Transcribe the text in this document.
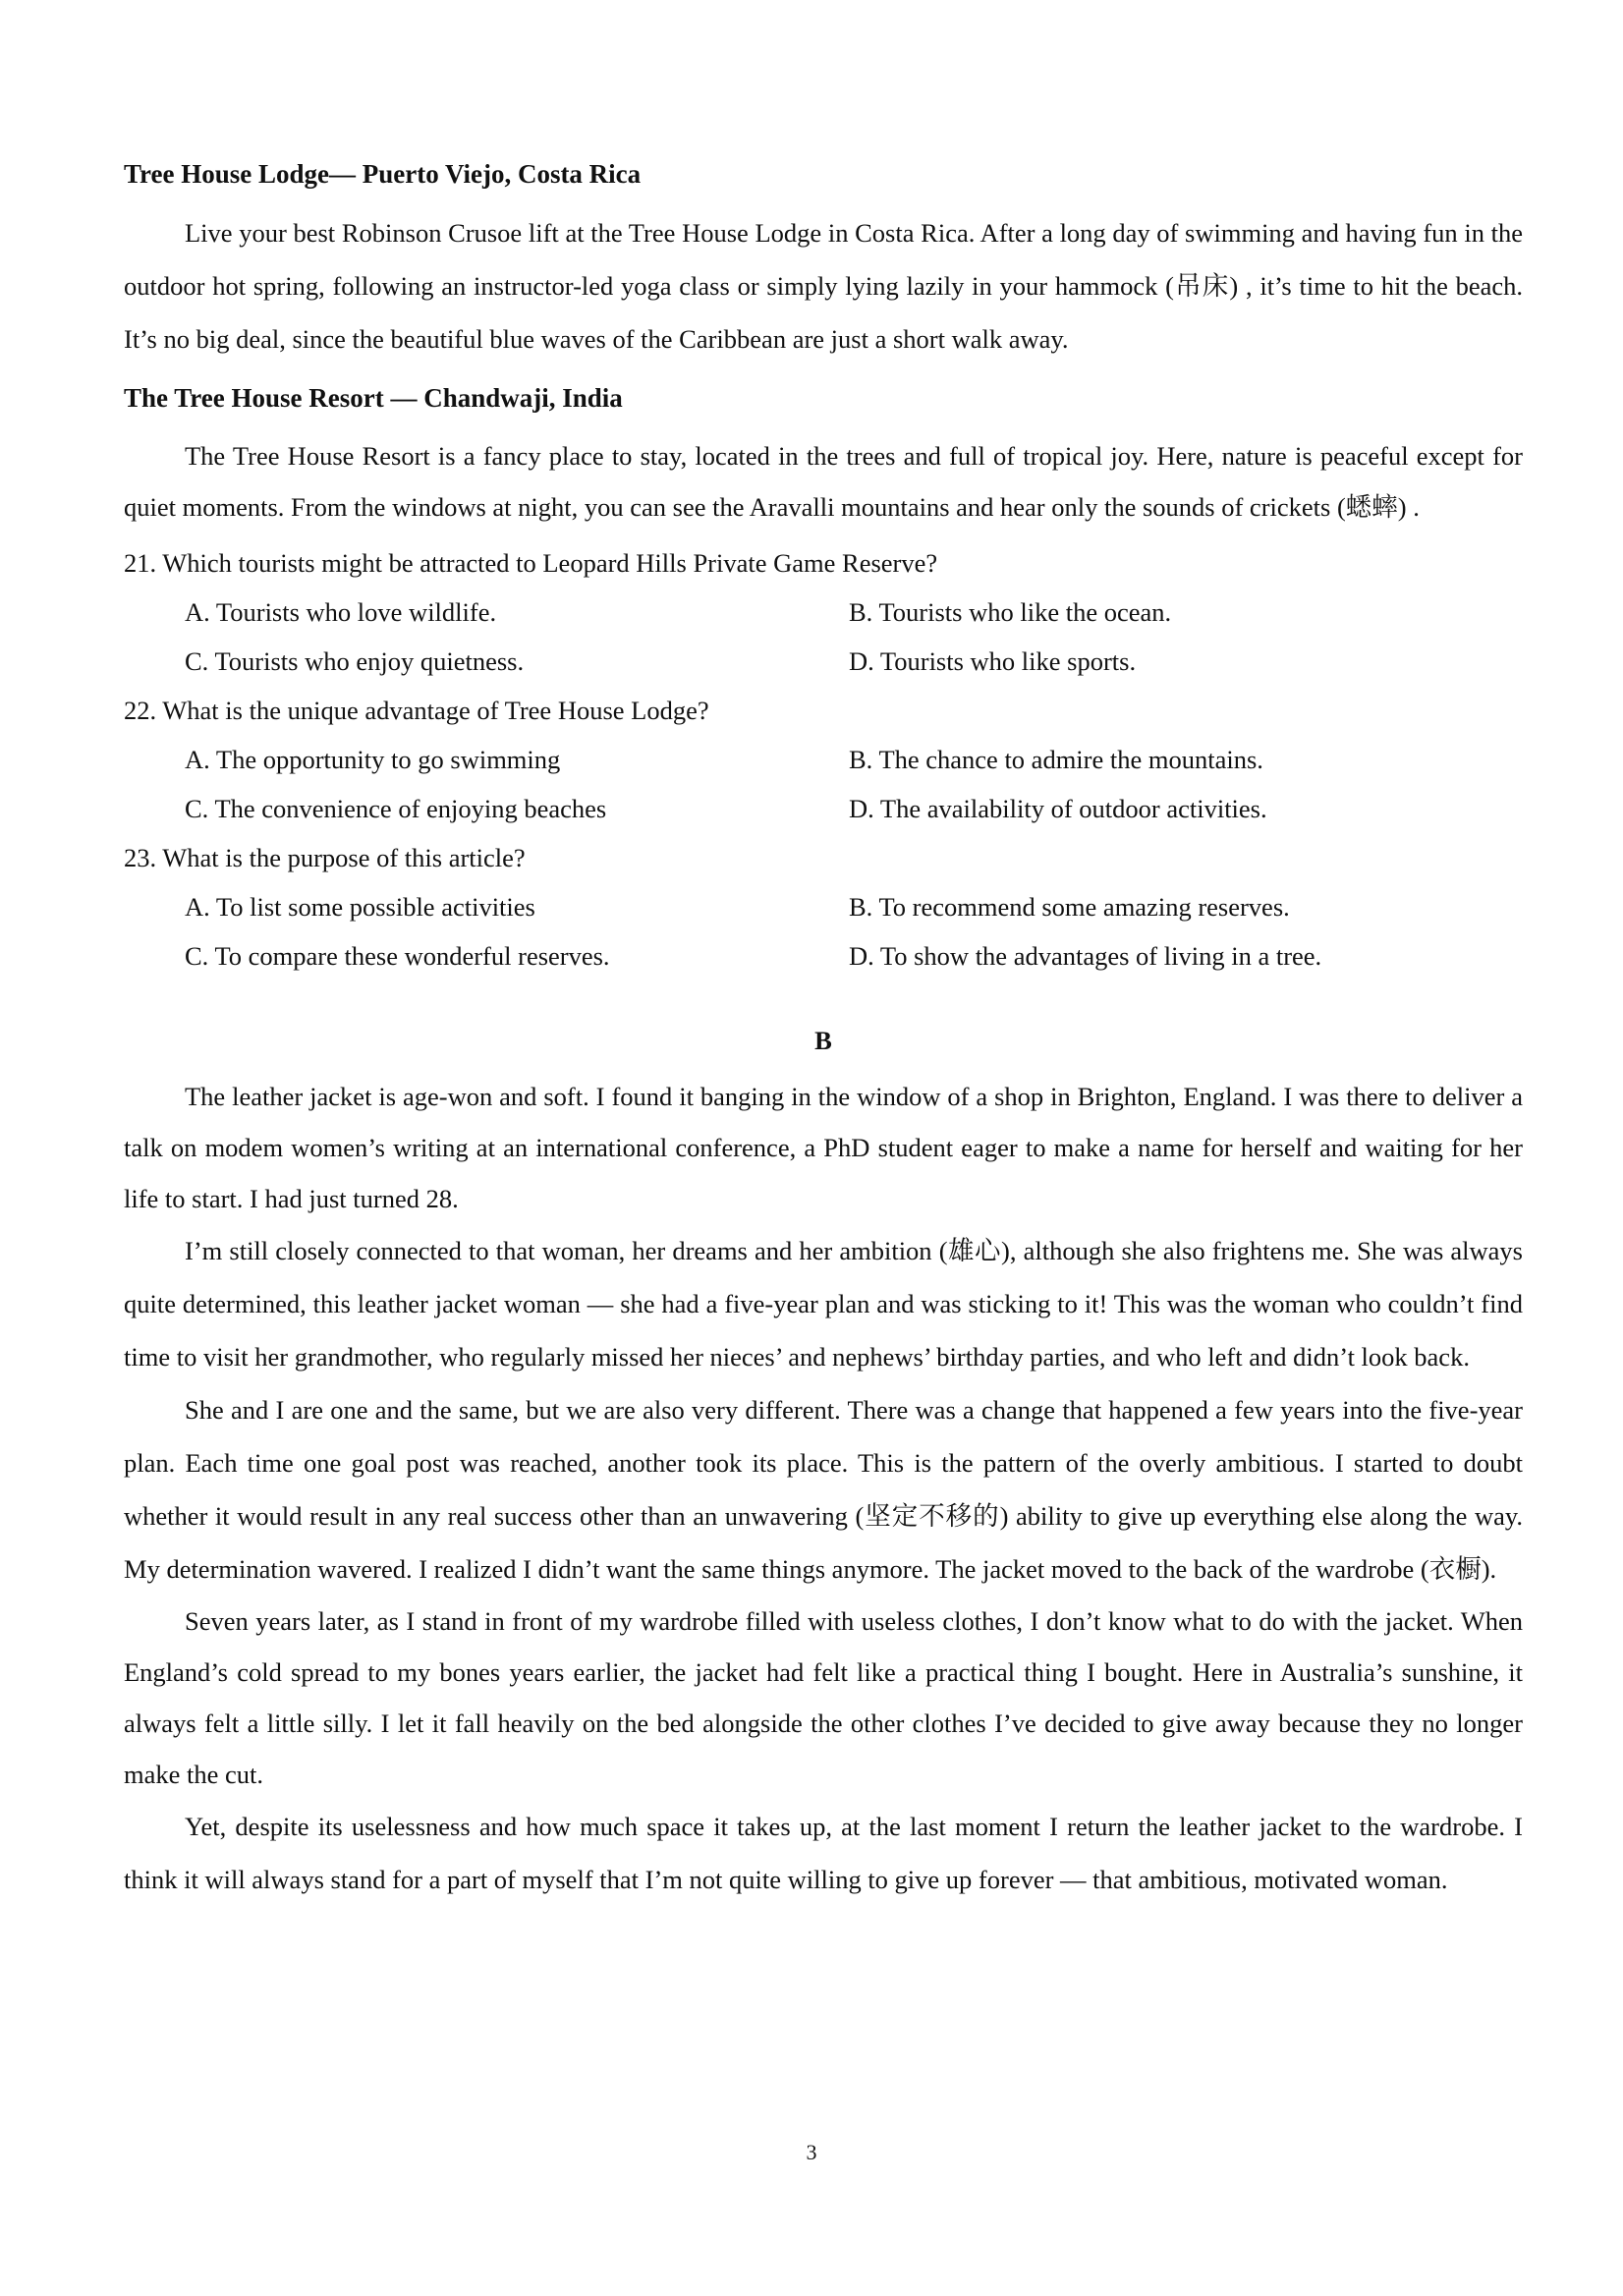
Tree House Lodge— Puerto Viejo, Costa Rica

Live your best Robinson Crusoe lift at the Tree House Lodge in Costa Rica. After a long day of swimming and having fun in the outdoor hot spring, following an instructor-led yoga class or simply lying lazily in your hammock (吊床) , it’s time to hit the beach. It’s no big deal, since the beautiful blue waves of the Caribbean are just a short walk away.

The Tree House Resort — Chandwaji, India

The Tree House Resort is a fancy place to stay, located in the trees and full of tropical joy. Here, nature is peaceful except for quiet moments. From the windows at night, you can see the Aravalli mountains and hear only the sounds of crickets (蟋蟀) .

21. Which tourists might be attracted to Leopard Hills Private Game Reserve?
A. Tourists who love wildlife.	B. Tourists who like the ocean.
C. Tourists who enjoy quietness.	D. Tourists who like sports.
22. What is the unique advantage of Tree House Lodge?
A. The opportunity to go swimming	B. The chance to admire the mountains.
C. The convenience of enjoying beaches	D. The availability of outdoor activities.
23. What is the purpose of this article?
A. To list some possible activities	B. To recommend some amazing reserves.
C. To compare these wonderful reserves.	D. To show the advantages of living in a tree.
B

The leather jacket is age-won and soft. I found it banging in the window of a shop in Brighton, England. I was there to deliver a talk on modem women’s writing at an international conference, a PhD student eager to make a name for herself and waiting for her life to start. I had just turned 28.

I’m still closely connected to that woman, her dreams and her ambition (雄心), although she also frightens me. She was always quite determined, this leather jacket woman — she had a five-year plan and was sticking to it! This was the woman who couldn’t find time to visit her grandmother, who regularly missed her nieces’ and nephews’ birthday parties, and who left and didn’t look back.

She and I are one and the same, but we are also very different. There was a change that happened a few years into the five-year plan. Each time one goal post was reached, another took its place. This is the pattern of the overly ambitious. I started to doubt whether it would result in any real success other than an unwavering (坚定不移的) ability to give up everything else along the way. My determination wavered. I realized I didn’t want the same things anymore. The jacket moved to the back of the wardrobe (衣橱).

Seven years later, as I stand in front of my wardrobe filled with useless clothes, I don’t know what to do with the jacket. When England’s cold spread to my bones years earlier, the jacket had felt like a practical thing I bought. Here in Australia’s sunshine, it always felt a little silly. I let it fall heavily on the bed alongside the other clothes I’ve decided to give away because they no longer make the cut.

Yet, despite its uselessness and how much space it takes up, at the last moment I return the leather jacket to the wardrobe. I think it will always stand for a part of myself that I’m not quite willing to give up forever — that ambitious, motivated woman.

3
